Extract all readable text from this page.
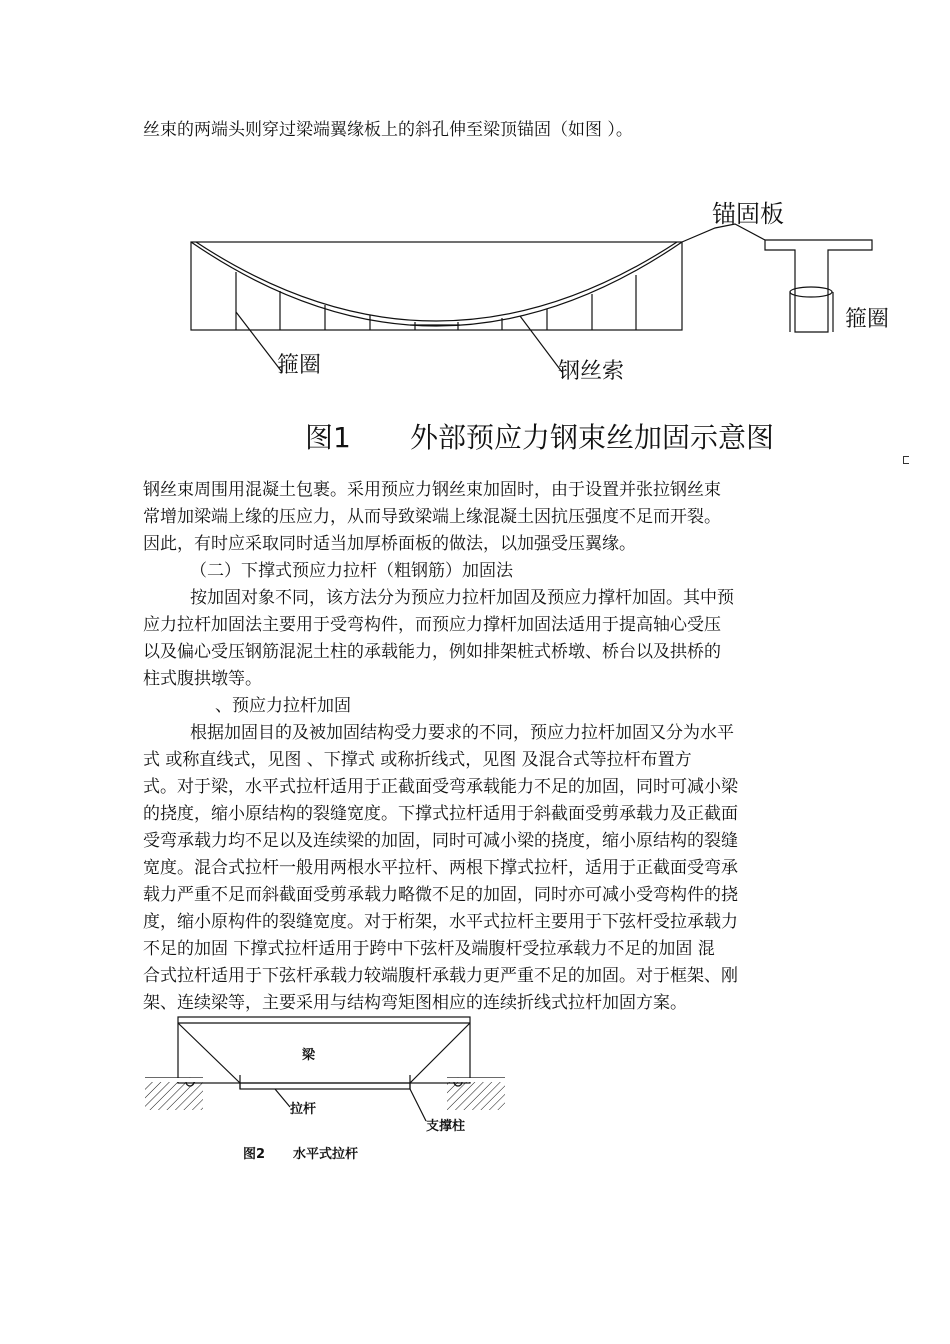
丝束的两端头则穿过梁端翼缘板上的斜孔伸至梁顶锚固（如图 ）。
锚固板
箍圈	钢丝索
箍圈
图1 外部预应力钢束丝加固示意图
钢丝束周围用混凝土包裹。采用预应力钢丝束加固时，由于设置并张拉钢丝束
常增加梁端上缘的压应力，从而导致梁端上缘混凝土因抗压强度不足而开裂。
因此，有时应采取同时适当加厚桥面板的做法，以加强受压翼缘。
（二）下撑式预应力拉杆（粗钢筋）加固法
按加固对象不同，该方法分为预应力拉杆加固及预应力撑杆加固。其中预
应力拉杆加固法主要用于受弯构件，而预应力撑杆加固法适用于提高轴心受压
以及偏心受压钢筋混泥土柱的承载能力，例如排架桩式桥墩、桥台以及拱桥的
柱式腹拱墩等。
、预应力拉杆加固
根据加固目的及被加固结构受力要求的不同，预应力拉杆加固又分为水平
式 或称直线式，见图 、下撑式 或称折线式，见图 及混合式等拉杆布置方
式。对于梁，水平式拉杆适用于正截面受弯承载能力不足的加固，同时可减小梁
的挠度，缩小原结构的裂缝宽度。下撑式拉杆适用于斜截面受剪承载力及正截面
受弯承载力均不足以及连续梁的加固，同时可减小梁的挠度，缩小原结构的裂缝
宽度。混合式拉杆一般用两根水平拉杆、两根下撑式拉杆，适用于正截面受弯承
载力严重不足而斜截面受剪承载力略微不足的加固，同时亦可减小受弯构件的挠
度，缩小原构件的裂缝宽度。对于桁架，水平式拉杆主要用于下弦杆受拉承载力
不足的加固 下撑式拉杆适用于跨中下弦杆及端腹杆受拉承载力不足的加固 混
合式拉杆适用于下弦杆承载力较端腹杆承载力更严重不足的加固。对于框架、刚
架、连续梁等，主要采用与结构弯矩图相应的连续折线式拉杆加固方案。
梁
拉杆
支撑柱
图2 水平式拉杆
